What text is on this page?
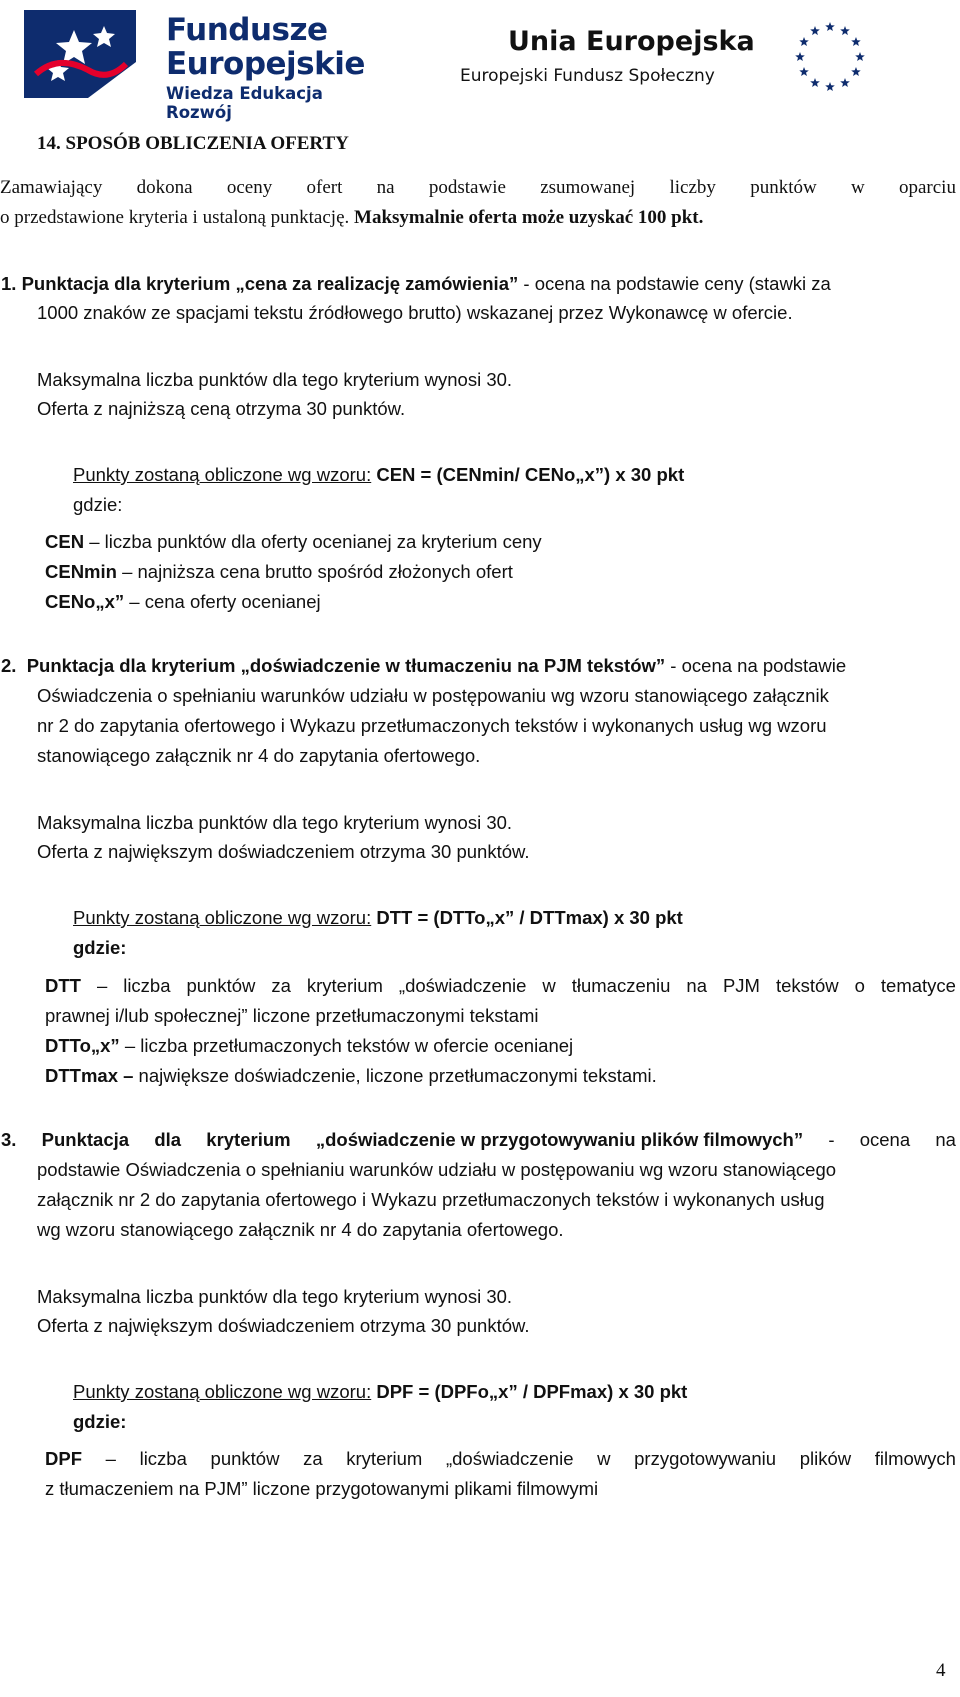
Fundusze
Europejskie
Wiedza Edukacja Rozwój
Unia Europejska
Europejski Fundusz Społeczny
14. SPOSÓB OBLICZENIA OFERTY
Zamawiający dokona oceny ofert na podstawie zsumowanej liczby punktów w oparciu
o przedstawione kryteria i ustaloną punktację. Maksymalnie oferta może uzyskać 100 pkt.
1. Punktacja dla kryterium „cena za realizację zamówienia” - ocena na podstawie ceny (stawki za
1000 znaków ze spacjami tekstu źródłowego brutto) wskazanej przez Wykonawcę w ofercie.
Maksymalna liczba punktów dla tego kryterium wynosi 30.
Oferta z najniższą ceną otrzyma 30 punktów.
Punkty zostaną obliczone wg wzoru: CEN = (CENmin/ CENo„x”) x 30 pkt
gdzie:
CEN – liczba punktów dla oferty ocenianej za kryterium ceny
CENmin – najniższa cena brutto spośród złożonych ofert
CENo„x” – cena oferty ocenianej
2. Punktacja dla kryterium „doświadczenie w tłumaczeniu na PJM tekstów” - ocena na podstawie
Oświadczenia o spełnianiu warunków udziału w postępowaniu wg wzoru stanowiącego załącznik
nr 2 do zapytania ofertowego i Wykazu przetłumaczonych tekstów i wykonanych usług wg wzoru
stanowiącego załącznik nr 4 do zapytania ofertowego.
Maksymalna liczba punktów dla tego kryterium wynosi 30.
Oferta z największym doświadczeniem otrzyma 30 punktów.
Punkty zostaną obliczone wg wzoru: DTT = (DTTo„x” / DTTmax) x 30 pkt
gdzie:
DTT – liczba punktów za kryterium „doświadczenie w tłumaczeniu na PJM tekstów o tematyce
prawnej i/lub społecznej” liczone przetłumaczonymi tekstami
DTTo„x” – liczba przetłumaczonych tekstów w ofercie ocenianej
DTTmax – największe doświadczenie, liczone przetłumaczonymi tekstami.
3. Punktacja dla kryterium „doświadczenie w przygotowywaniu plików filmowych” - ocena na
podstawie Oświadczenia o spełnianiu warunków udziału w postępowaniu wg wzoru stanowiącego
załącznik nr 2 do zapytania ofertowego i Wykazu przetłumaczonych tekstów i wykonanych usług
wg wzoru stanowiącego załącznik nr 4 do zapytania ofertowego.
Maksymalna liczba punktów dla tego kryterium wynosi 30.
Oferta z największym doświadczeniem otrzyma 30 punktów.
Punkty zostaną obliczone wg wzoru: DPF = (DPFo„x” / DPFmax) x 30 pkt
gdzie:
DPF – liczba punktów za kryterium „doświadczenie w przygotowywaniu plików filmowych
z tłumaczeniem na PJM” liczone przygotowanymi plikami filmowymi
4
